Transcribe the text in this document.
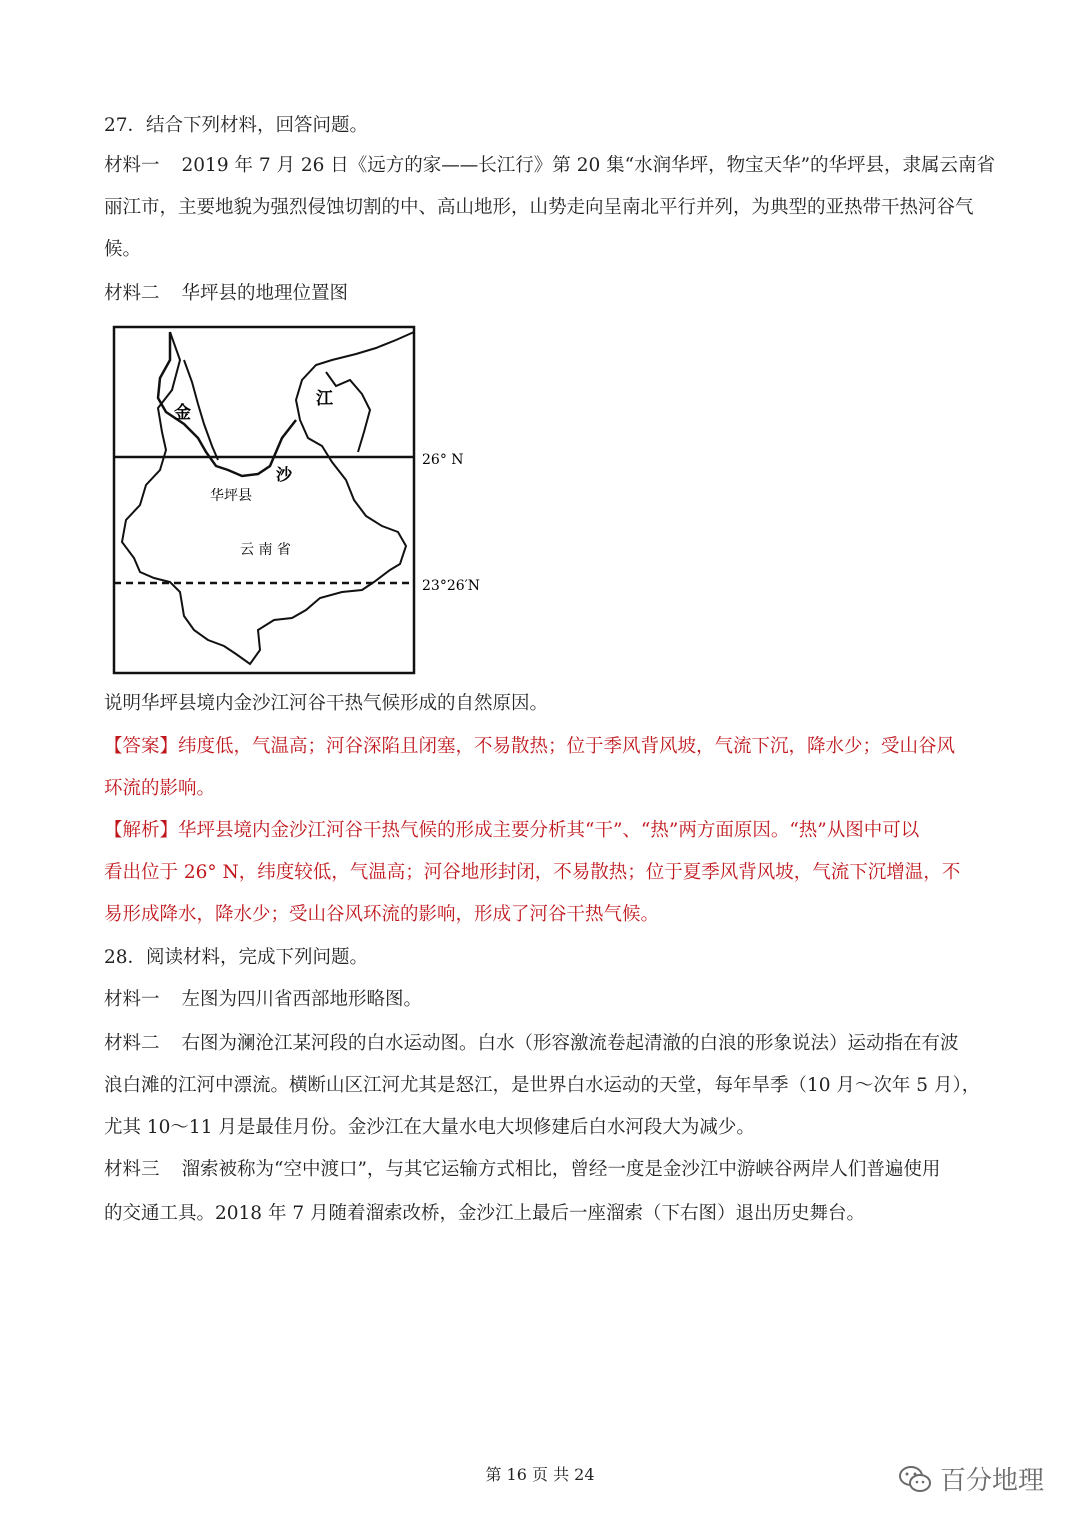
27．结合下列材料，回答问题。
材料一 2019 年 7 月 26 日《远方的家——长江行》第 20 集“水润华坪，物宝天华”的华坪县，隶属云南省
丽江市，主要地貌为强烈侵蚀切割的中、高山地形，山势走向呈南北平行并列，为典型的亚热带干热河谷气
候。
材料二 华坪县的地理位置图
26° N
23°26′N
金
沙
江
华坪县
云 南 省
说明华坪县境内金沙江河谷干热气候形成的自然原因。
【答案】纬度低，气温高；河谷深陷且闭塞，不易散热；位于季风背风坡，气流下沉，降水少；受山谷风
环流的影响。
【解析】华坪县境内金沙江河谷干热气候的形成主要分析其“干”、“热”两方面原因。“热”从图中可以
看出位于 26° N，纬度较低，气温高；河谷地形封闭，不易散热；位于夏季风背风坡，气流下沉增温，不
易形成降水，降水少；受山谷风环流的影响，形成了河谷干热气候。
28．阅读材料，完成下列问题。
材料一 左图为四川省西部地形略图。
材料二 右图为澜沧江某河段的白水运动图。白水（形容激流卷起清澈的白浪的形象说法）运动指在有波
浪白滩的江河中漂流。横断山区江河尤其是怒江，是世界白水运动的天堂，每年旱季（10 月～次年 5 月），
尤其 10～11 月是最佳月份。金沙江在大量水电大坝修建后白水河段大为减少。
材料三 溜索被称为“空中渡口”，与其它运输方式相比，曾经一度是金沙江中游峡谷两岸人们普遍使用
的交通工具。2018 年 7 月随着溜索改桥，金沙江上最后一座溜索（下右图）退出历史舞台。
第 16 页 共 24	百分地理
